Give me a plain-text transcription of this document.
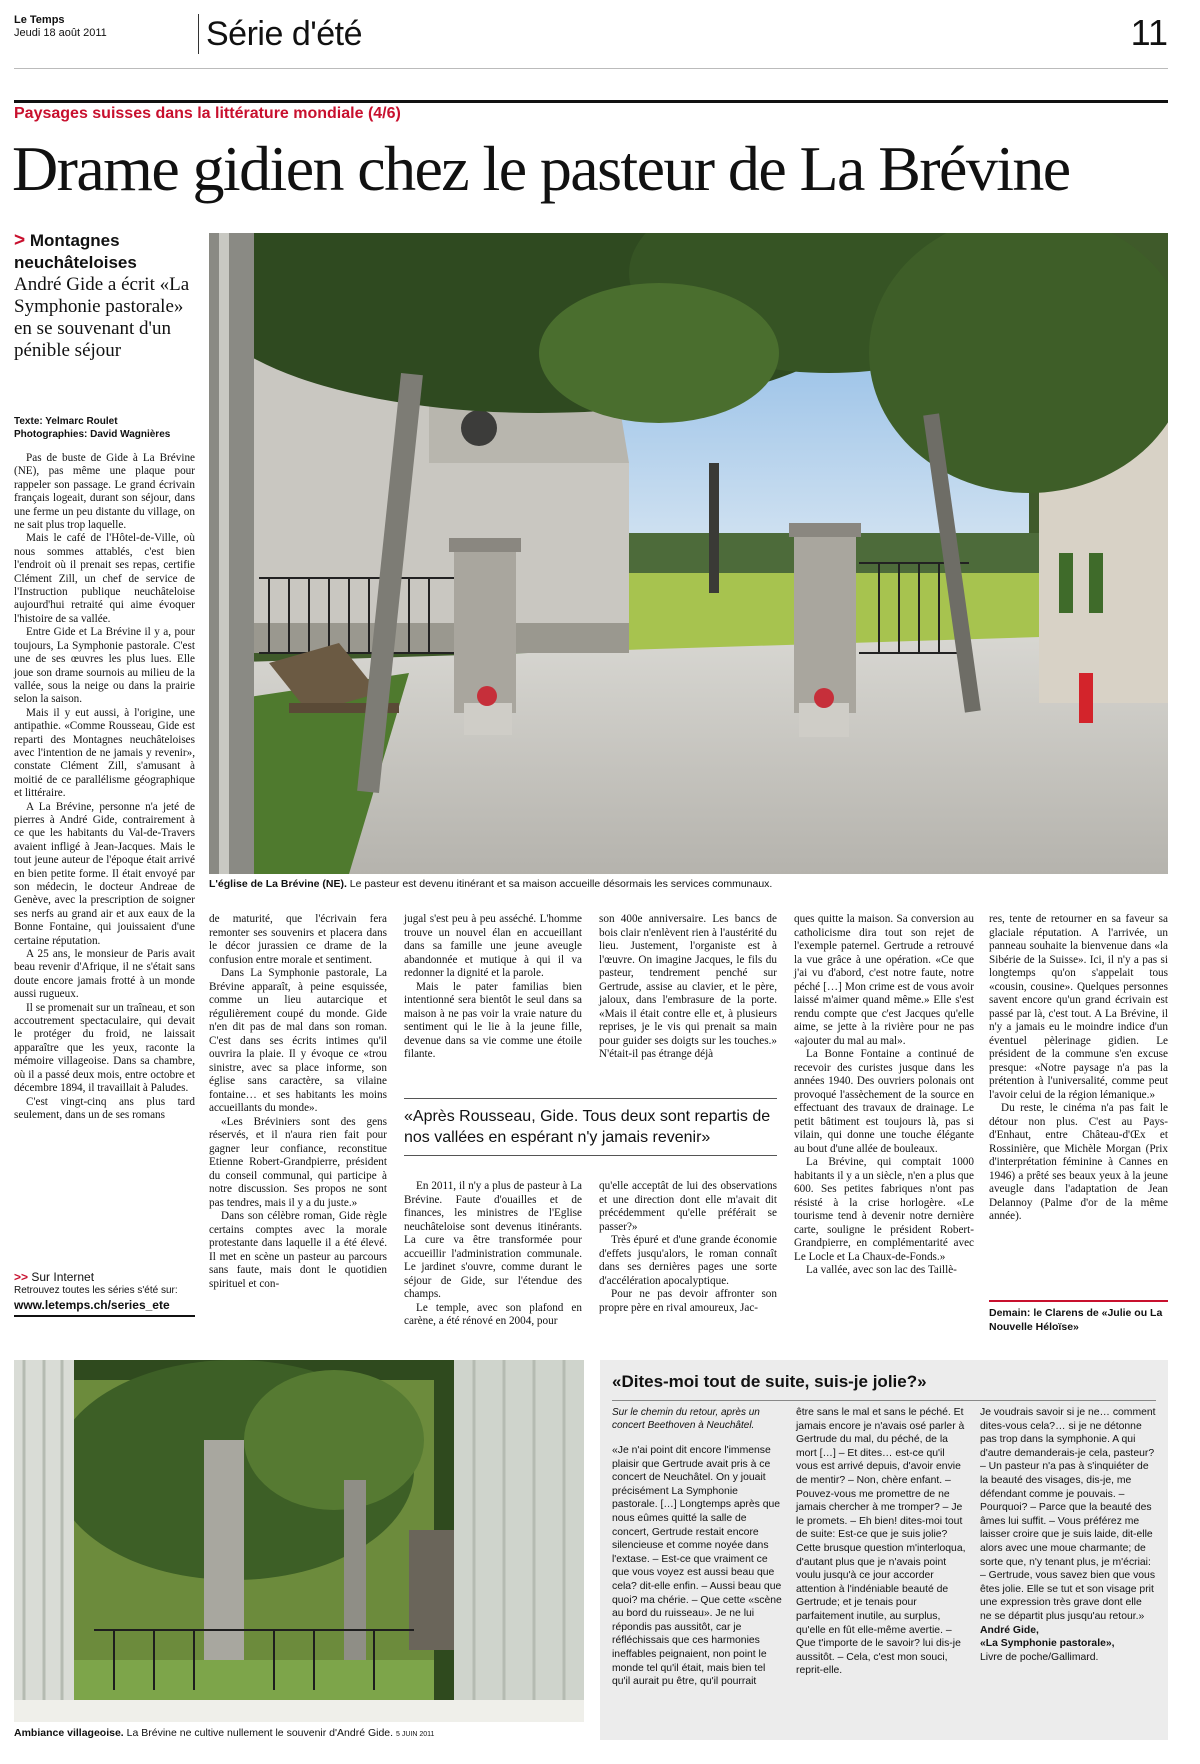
Le Temps
Jeudi 18 août 2011	Série d'été	11
Paysages suisses dans la littérature mondiale (4/6)
Drame gidien chez le pasteur de La Brévine
> Montagnes neuchâteloises
André Gide a écrit «La Symphonie pastorale» en se souvenant d'un pénible séjour
Texte: Yelmarc Roulet
Photographies: David Wagnières

Pas de buste de Gide à La Brévine (NE), pas même une plaque pour rappeler son passage. Le grand écrivain français logeait, durant son séjour, dans une ferme un peu distante du village, on ne sait plus trop laquelle.

Mais le café de l'Hôtel-de-Ville, où nous sommes attablés, c'est bien l'endroit où il prenait ses repas, certifie Clément Zill, un chef de service de l'Instruction publique neuchâteloise aujourd'hui retraité qui aime évoquer l'histoire de sa vallée.

Entre Gide et La Brévine il y a, pour toujours, La Symphonie pastorale. C'est une de ses œuvres les plus lues. Elle joue son drame sournois au milieu de la vallée, sous la neige ou dans la prairie selon la saison.

Mais il y eut aussi, à l'origine, une antipathie. «Comme Rousseau, Gide est reparti des Montagnes neuchâteloises avec l'intention de ne jamais y revenir», constate Clément Zill, s'amusant à moitié de ce parallélisme géographique et littéraire.

A La Brévine, personne n'a jeté de pierres à André Gide, contrairement à ce que les habitants du Val-de-Travers avaient infligé à Jean-Jacques. Mais le tout jeune auteur de l'époque était arrivé en bien petite forme. Il était envoyé par son médecin, le docteur Andreae de Genève, avec la prescription de soigner ses nerfs au grand air et aux eaux de la Bonne Fontaine, qui jouissaient d'une certaine réputation.

A 25 ans, le monsieur de Paris avait beau revenir d'Afrique, il ne s'était sans doute encore jamais frotté à un monde aussi rugueux.

Il se promenait sur un traîneau, et son accoutrement spectaculaire, qui devait le protéger du froid, ne laissait apparaître que les yeux, raconte la mémoire villageoise. Dans sa chambre, où il a passé deux mois, entre octobre et décembre 1894, il travaillait à Paludes.

C'est vingt-cinq ans plus tard seulement, dans un de ses romans

>> Sur Internet
Retrouvez toutes les séries s'été sur:
www.letemps.ch/series_ete
L'église de La Brévine (NE). Le pasteur est devenu itinérant et sa maison accueille désormais les services communaux.

de maturité, que l'écrivain fera remonter ses souvenirs et placera dans le décor jurassien ce drame de la confusion entre morale et sentiment.

Dans La Symphonie pastorale, La Brévine apparaît, à peine esquissée, comme un lieu autarcique et régulièrement coupé du monde. Gide n'en dit pas de mal dans son roman. C'est dans ses écrits intimes qu'il ouvrira la plaie. Il y évoque ce «trou sinistre, avec sa place informe, son église sans caractère, sa vilaine fontaine… et ses habitants les moins accueillants du monde».

«Les Bréviniers sont des gens réservés, et il n'aura rien fait pour gagner leur confiance, reconstitue Etienne Robert-Grandpierre, président du conseil communal, qui participe à notre discussion. Ses propos ne sont pas tendres, mais il y a du juste.»

Dans son célèbre roman, Gide règle certains comptes avec la morale protestante dans laquelle il a été élevé. Il met en scène un pasteur au parcours sans faute, mais dont le quotidien spirituel et con-

jugal s'est peu à peu asséché. L'homme trouve un nouvel élan en accueillant dans sa famille une jeune aveugle abandonnée et mutique à qui il va redonner la dignité et la parole.

Mais le pater familias bien intentionné sera bientôt le seul dans sa maison à ne pas voir la vraie nature du sentiment qui le lie à la jeune fille, devenue dans sa vie comme une étoile filante.

son 400e anniversaire. Les bancs de bois clair n'enlèvent rien à l'austérité du lieu. Justement, l'organiste est à l'œuvre. On imagine Jacques, le fils du pasteur, tendrement penché sur Gertrude, assise au clavier, et le père, jaloux, dans l'embrasure de la porte. «Mais il était contre elle et, à plusieurs reprises, je le vis qui prenait sa main pour guider ses doigts sur les touches.» N'était-il pas étrange déjà

«Après Rousseau, Gide. Tous deux sont repartis de nos vallées en espérant n'y jamais revenir»

En 2011, il n'y a plus de pasteur à La Brévine. Faute d'ouailles et de finances, les ministres de l'Eglise neuchâteloise sont devenus itinérants. La cure va être transformée pour accueillir l'administration communale. Le jardinet s'ouvre, comme durant le séjour de Gide, sur l'étendue des champs.

Le temple, avec son plafond en carène, a été rénové en 2004, pour

qu'elle acceptât de lui des observations et une direction dont elle m'avait dit précédemment qu'elle préférait se passer?»

Très épuré et d'une grande économie d'effets jusqu'alors, le roman connaît dans ses dernières pages une sorte d'accélération apocalyptique.

Pour ne pas devoir affronter son propre père en rival amoureux, Jac-

ques quitte la maison. Sa conversion au catholicisme dira tout son rejet de l'exemple paternel. Gertrude a retrouvé la vue grâce à une opération. «Ce que j'ai vu d'abord, c'est notre faute, notre péché […] Mon crime est de vous avoir laissé m'aimer quand même.» Elle s'est rendu compte que c'est Jacques qu'elle aime, se jette à la rivière pour ne pas «ajouter du mal au mal».

La Bonne Fontaine a continué de recevoir des curistes jusque dans les années 1940. Des ouvriers polonais ont provoqué l'assèchement de la source en effectuant des travaux de drainage. Le petit bâtiment est toujours là, pas si vilain, qui donne une touche élégante au bout d'une allée de bouleaux.

La Brévine, qui comptait 1000 habitants il y a un siècle, n'en a plus que 600. Ses petites fabriques n'ont pas résisté à la crise horlogère. «Le tourisme tend à devenir notre dernière carte, souligne le président Robert-Grandpierre, en complémentarité avec Le Locle et La Chaux-de-Fonds.»

La vallée, avec son lac des Taillè-

res, tente de retourner en sa faveur sa glaciale réputation. A l'arrivée, un panneau souhaite la bienvenue dans «la Sibérie de la Suisse». Ici, il n'y a pas si longtemps qu'on s'appelait tous «cousin, cousine». Quelques personnes savent encore qu'un grand écrivain est passé par là, c'est tout. A La Brévine, il n'y a jamais eu le moindre indice d'un éventuel pèlerinage gidien. Le président de la commune s'en excuse presque: «Notre paysage n'a pas la prétention à l'universalité, comme peut l'avoir celui de la région lémanique.»

Du reste, le cinéma n'a pas fait le détour non plus. C'est au Pays-d'Enhaut, entre Château-d'Œx et Rossinière, que Michèle Morgan (Prix d'interprétation féminine à Cannes en 1946) a prêté ses beaux yeux à la jeune aveugle dans l'adaptation de Jean Delannoy (Palme d'or de la même année).

Demain: le Clarens de «Julie ou La Nouvelle Héloïse»
Ambiance villageoise. La Brévine ne cultive nullement le souvenir d'André Gide. 5 JUIN 2011
«Dites-moi tout de suite, suis-je jolie?»
Sur le chemin du retour, après un concert Beethoven à Neuchâtel.

«Je n'ai point dit encore l'immense plaisir que Gertrude avait pris à ce concert de Neuchâtel. On y jouait précisément La Symphonie pastorale. […] Longtemps après que nous eûmes quitté la salle de concert, Gertrude restait encore silencieuse et comme noyée dans l'extase. – Est-ce que vraiment ce que vous voyez est aussi beau que cela? dit-elle enfin. – Aussi beau que quoi? ma chérie. – Que cette «scène au bord du ruisseau». Je ne lui répondis pas aussitôt, car je réfléchissais que ces harmonies ineffables peignaient, non point le monde tel qu'il était, mais bien tel qu'il aurait pu être, qu'il pourrait

être sans le mal et sans le péché. Et jamais encore je n'avais osé parler à Gertrude du mal, du péché, de la mort […] – Et dites… est-ce qu'il vous est arrivé depuis, d'avoir envie de mentir? – Non, chère enfant. – Pouvez-vous me promettre de ne jamais chercher à me tromper? – Je le promets. – Eh bien! dites-moi tout de suite: Est-ce que je suis jolie? Cette brusque question m'interloqua, d'autant plus que je n'avais point voulu jusqu'à ce jour accorder attention à l'indéniable beauté de Gertrude; et je tenais pour parfaitement inutile, au surplus, qu'elle en fût elle-même avertie. – Que t'importe de le savoir? lui dis-je aussitôt. – Cela, c'est mon souci, reprit-elle.

Je voudrais savoir si je ne… comment dites-vous cela?… si je ne détonne pas trop dans la symphonie. A qui d'autre demanderais-je cela, pasteur? – Un pasteur n'a pas à s'inquiéter de la beauté des visages, dis-je, me défendant comme je pouvais. – Pourquoi? – Parce que la beauté des âmes lui suffit. – Vous préférez me laisser croire que je suis laide, dit-elle alors avec une moue charmante; de sorte que, n'y tenant plus, je m'écriai: – Gertrude, vous savez bien que vous êtes jolie. Elle se tut et son visage prit une expression très grave dont elle ne se départit plus jusqu'au retour.»

André Gide,

«La Symphonie pastorale»,

Livre de poche/Gallimard.
